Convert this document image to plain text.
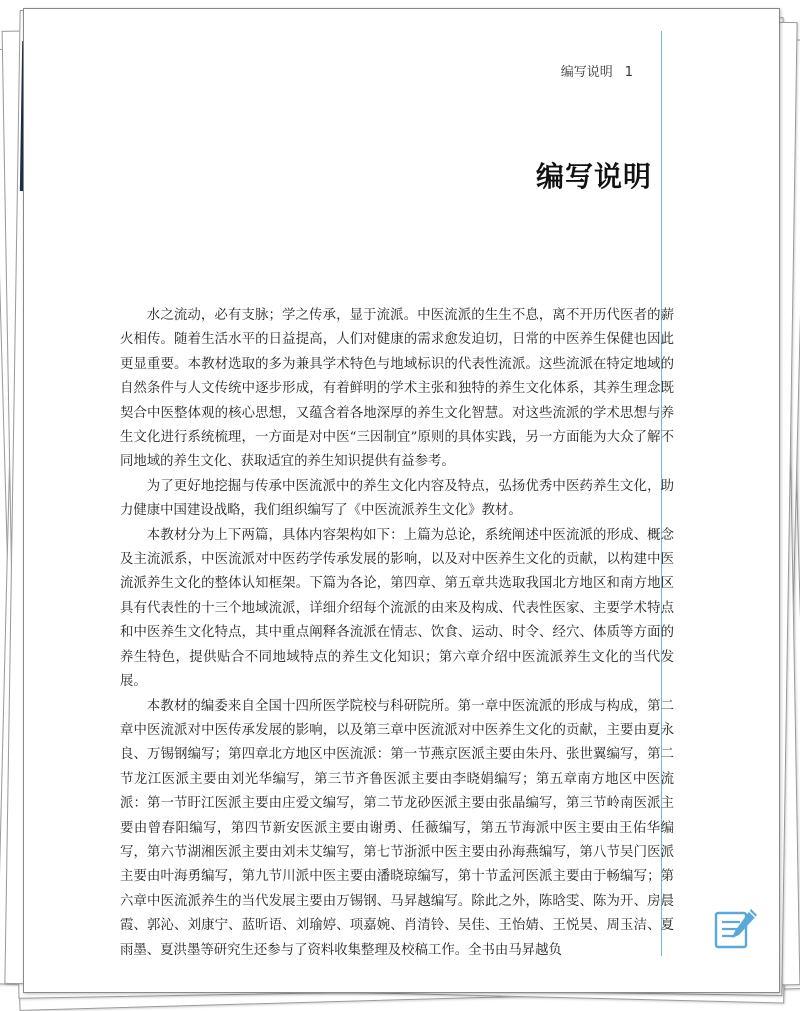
编写说明 1
编写说明

水之流动，必有支脉；学之传承，显于流派。中医流派的生生不息，离不开历代医者的薪火相传。随着生活水平的日益提高，人们对健康的需求愈发迫切，日常的中医养生保健也因此更显重要。本教材选取的多为兼具学术特色与地域标识的代表性流派。这些流派在特定地域的自然条件与人文传统中逐步形成，有着鲜明的学术主张和独特的养生文化体系，其养生理念既契合中医整体观的核心思想，又蕴含着各地深厚的养生文化智慧。对这些流派的学术思想与养生文化进行系统梳理，一方面是对中医“三因制宜”原则的具体实践，另一方面能为大众了解不同地域的养生文化、获取适宜的养生知识提供有益参考。

为了更好地挖掘与传承中医流派中的养生文化内容及特点，弘扬优秀中医药养生文化，助力健康中国建设战略，我们组织编写了《中医流派养生文化》教材。

本教材分为上下两篇，具体内容架构如下：上篇为总论，系统阐述中医流派的形成、概念及主流派系，中医流派对中医药学传承发展的影响，以及对中医养生文化的贡献，以构建中医流派养生文化的整体认知框架。下篇为各论，第四章、第五章共选取我国北方地区和南方地区具有代表性的十三个地域流派，详细介绍每个流派的由来及构成、代表性医家、主要学术特点和中医养生文化特点，其中重点阐释各流派在情志、饮食、运动、时令、经穴、体质等方面的养生特色，提供贴合不同地域特点的养生文化知识；第六章介绍中医流派养生文化的当代发展。

本教材的编委来自全国十四所医学院校与科研院所。第一章中医流派的形成与构成，第二章中医流派对中医传承发展的影响，以及第三章中医流派对中医养生文化的贡献，主要由夏永良、万锡钢编写；第四章北方地区中医流派：第一节燕京医派主要由朱丹、张世翼编写，第二节龙江医派主要由刘光华编写，第三节齐鲁医派主要由李晓娟编写；第五章南方地区中医流派：第一节盱江医派主要由庄爱文编写，第二节龙砂医派主要由张晶编写，第三节岭南医派主要由曾春阳编写，第四节新安医派主要由谢勇、任薇编写，第五节海派中医主要由王佑华编写，第六节湖湘医派主要由刘未艾编写，第七节浙派中医主要由孙海燕编写，第八节吴门医派主要由叶海勇编写，第九节川派中医主要由潘晓琼编写，第十节孟河医派主要由于畅编写；第六章中医流派养生的当代发展主要由万锡钢、马昇越编写。除此之外，陈晗雯、陈为开、房晨霞、郭沁、刘康宁、蓝昕语、刘瑜婷、项嘉婉、肖清铃、吴佳、王怡婧、王悦昊、周玉洁、夏雨墨、夏洪墨等研究生还参与了资料收集整理及校稿工作。全书由马昇越负
